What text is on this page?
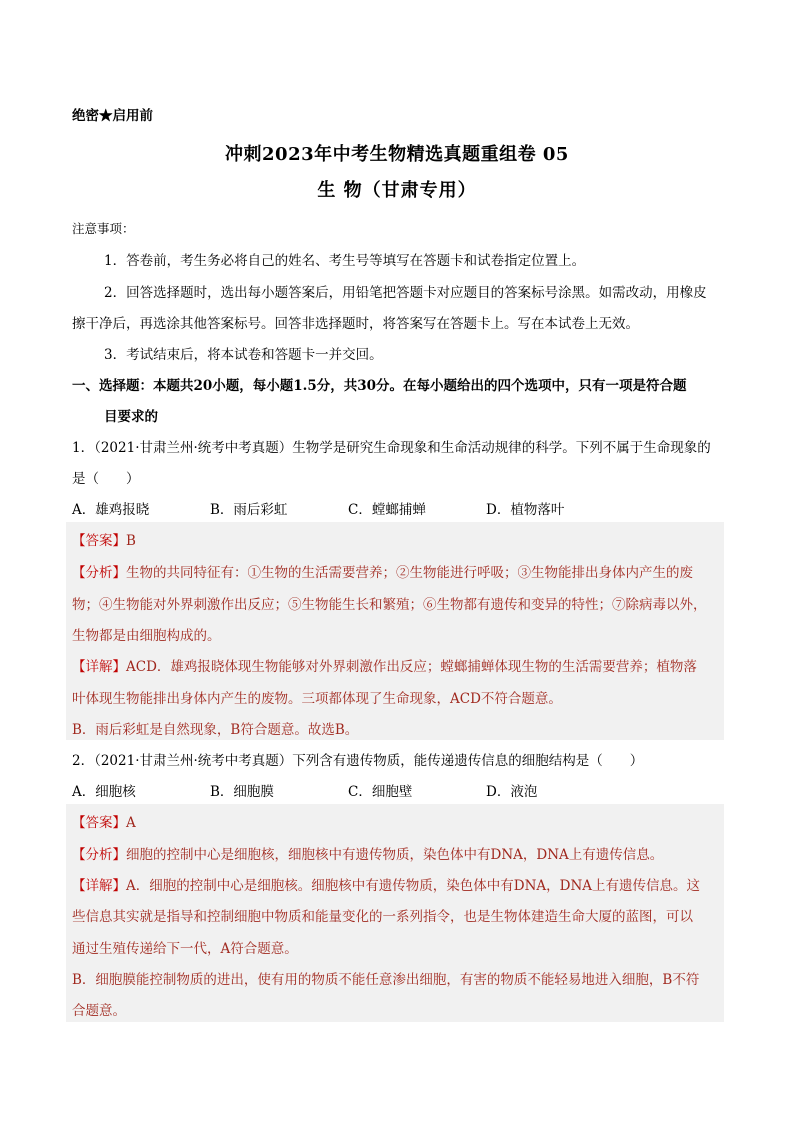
绝密★启用前
冲刺2023年中考生物精选真题重组卷 05
生 物（甘肃专用）
注意事项：
1．答卷前，考生务必将自己的姓名、考生号等填写在答题卡和试卷指定位置上。
2．回答选择题时，选出每小题答案后，用铅笔把答题卡对应题目的答案标号涂黑。如需改动，用橡皮
擦干净后，再选涂其他答案标号。回答非选择题时，将答案写在答题卡上。写在本试卷上无效。
3．考试结束后，将本试卷和答题卡一并交回。
一、选择题：本题共20小题，每小题1.5分，共30分。在每小题给出的四个选项中，只有一项是符合题
目要求的
1．（2021·甘肃兰州·统考中考真题）生物学是研究生命现象和生命活动规律的科学。下列不属于生命现象的
是（　　）
A．雄鸡报晓	B．雨后彩虹	C．螳螂捕蝉	D．植物落叶
【答案】B
【分析】生物的共同特征有：①生物的生活需要营养；②生物能进行呼吸；③生物能排出身体内产生的废
物；④生物能对外界刺激作出反应；⑤生物能生长和繁殖；⑥生物都有遗传和变异的特性；⑦除病毒以外，
生物都是由细胞构成的。
【详解】ACD．雄鸡报晓体现生物能够对外界刺激作出反应；螳螂捕蝉体现生物的生活需要营养；植物落
叶体现生物能排出身体内产生的废物。三项都体现了生命现象，ACD不符合题意。
B．雨后彩虹是自然现象，B符合题意。故选B。
2．（2021·甘肃兰州·统考中考真题）下列含有遗传物质，能传递遗传信息的细胞结构是（　　）
A．细胞核	B．细胞膜	C．细胞壁	D．液泡
【答案】A
【分析】细胞的控制中心是细胞核，细胞核中有遗传物质，染色体中有DNA，DNA上有遗传信息。
【详解】A．细胞的控制中心是细胞核。细胞核中有遗传物质，染色体中有DNA，DNA上有遗传信息。这
些信息其实就是指导和控制细胞中物质和能量变化的一系列指令，也是生物体建造生命大厦的蓝图，可以
通过生殖传递给下一代，A符合题意。
B．细胞膜能控制物质的进出，使有用的物质不能任意渗出细胞，有害的物质不能轻易地进入细胞，B不符
合题意。
